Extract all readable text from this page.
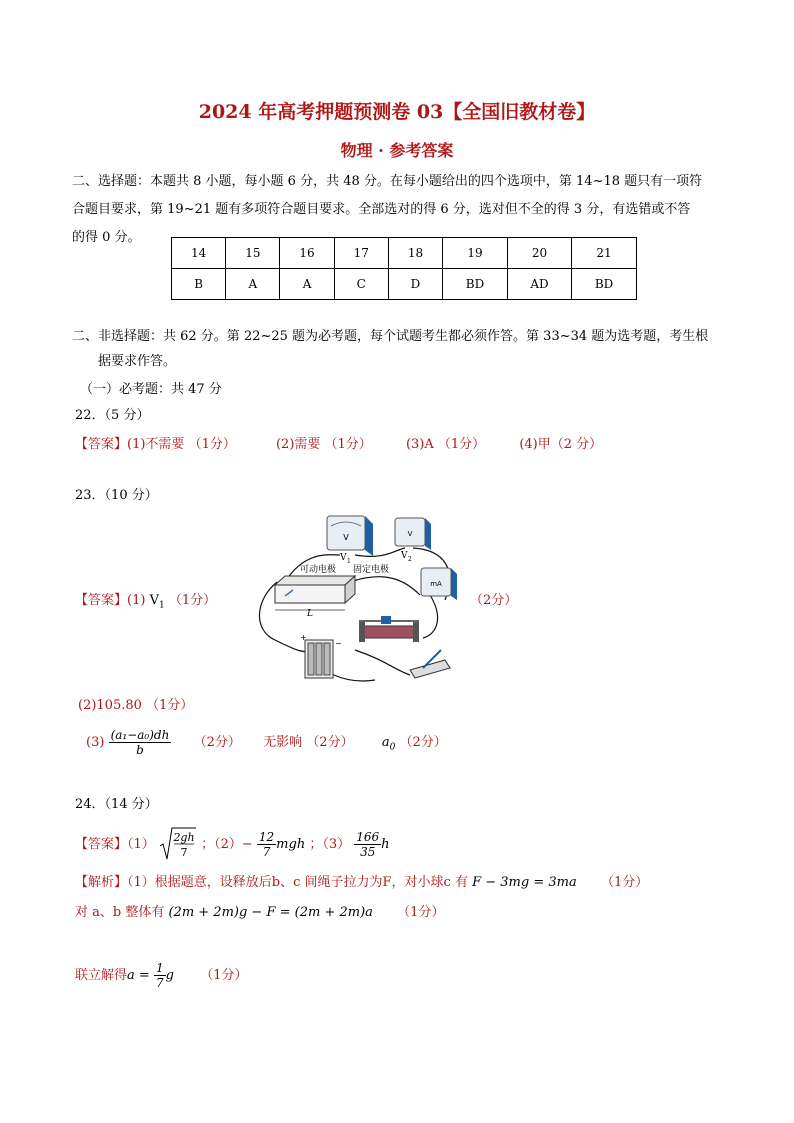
2024 年高考押题预测卷 03【全国旧教材卷】
物理 · 参考答案
二、选择题：本题共 8 小题，每小题 6 分，共 48 分。在每小题给出的四个选项中，第 14~18 题只有一项符
合题目要求，第 19~21 题有多项符合题目要求。全部选对的得 6 分，选对但不全的得 3 分，有选错或不答
的得 0 分。
14	15	16	17	18	19	20	21
B	A	A	C	D	BD	AD	BD
二、非选择题：共 62 分。第 22~25 题为必考题，每个试题考生都必须作答。第 33~34 题为选考题，考生根
据要求作答。
（一）必考题：共 47 分
22．（5 分）
【答案】(1)不需要 （1分）	(2)需要 （1分）	(3)A （1分）	(4)甲（2 分）
23．（10 分）
【答案】(1) $V_1$ （1分）	（2分）
V
V 1
V
V 2
mA
可动电极 固定电极
L
+
−
(2)105.80 （1分）
$(3) \frac{\text{(a₁−a₀)dh}}{b} (2$分） 无影响 （2分） $a_0$ （2分）
24．（14 分）
【答案】（1） 2gh
7
；$(2)- \frac{12}{7}$ mgh ；$(3) \frac{166}{35}$ h
【解析】（1）根据题意，设释放后b、c 间绳子拉力为F，对小球c 有 F − 3mg = 3ma （1分）
对 a、b 整体有 (2m + 2m)g − F = (2m + 2m)a （1分）
联立解得$a = \frac{1}{7}$ g （1分）
